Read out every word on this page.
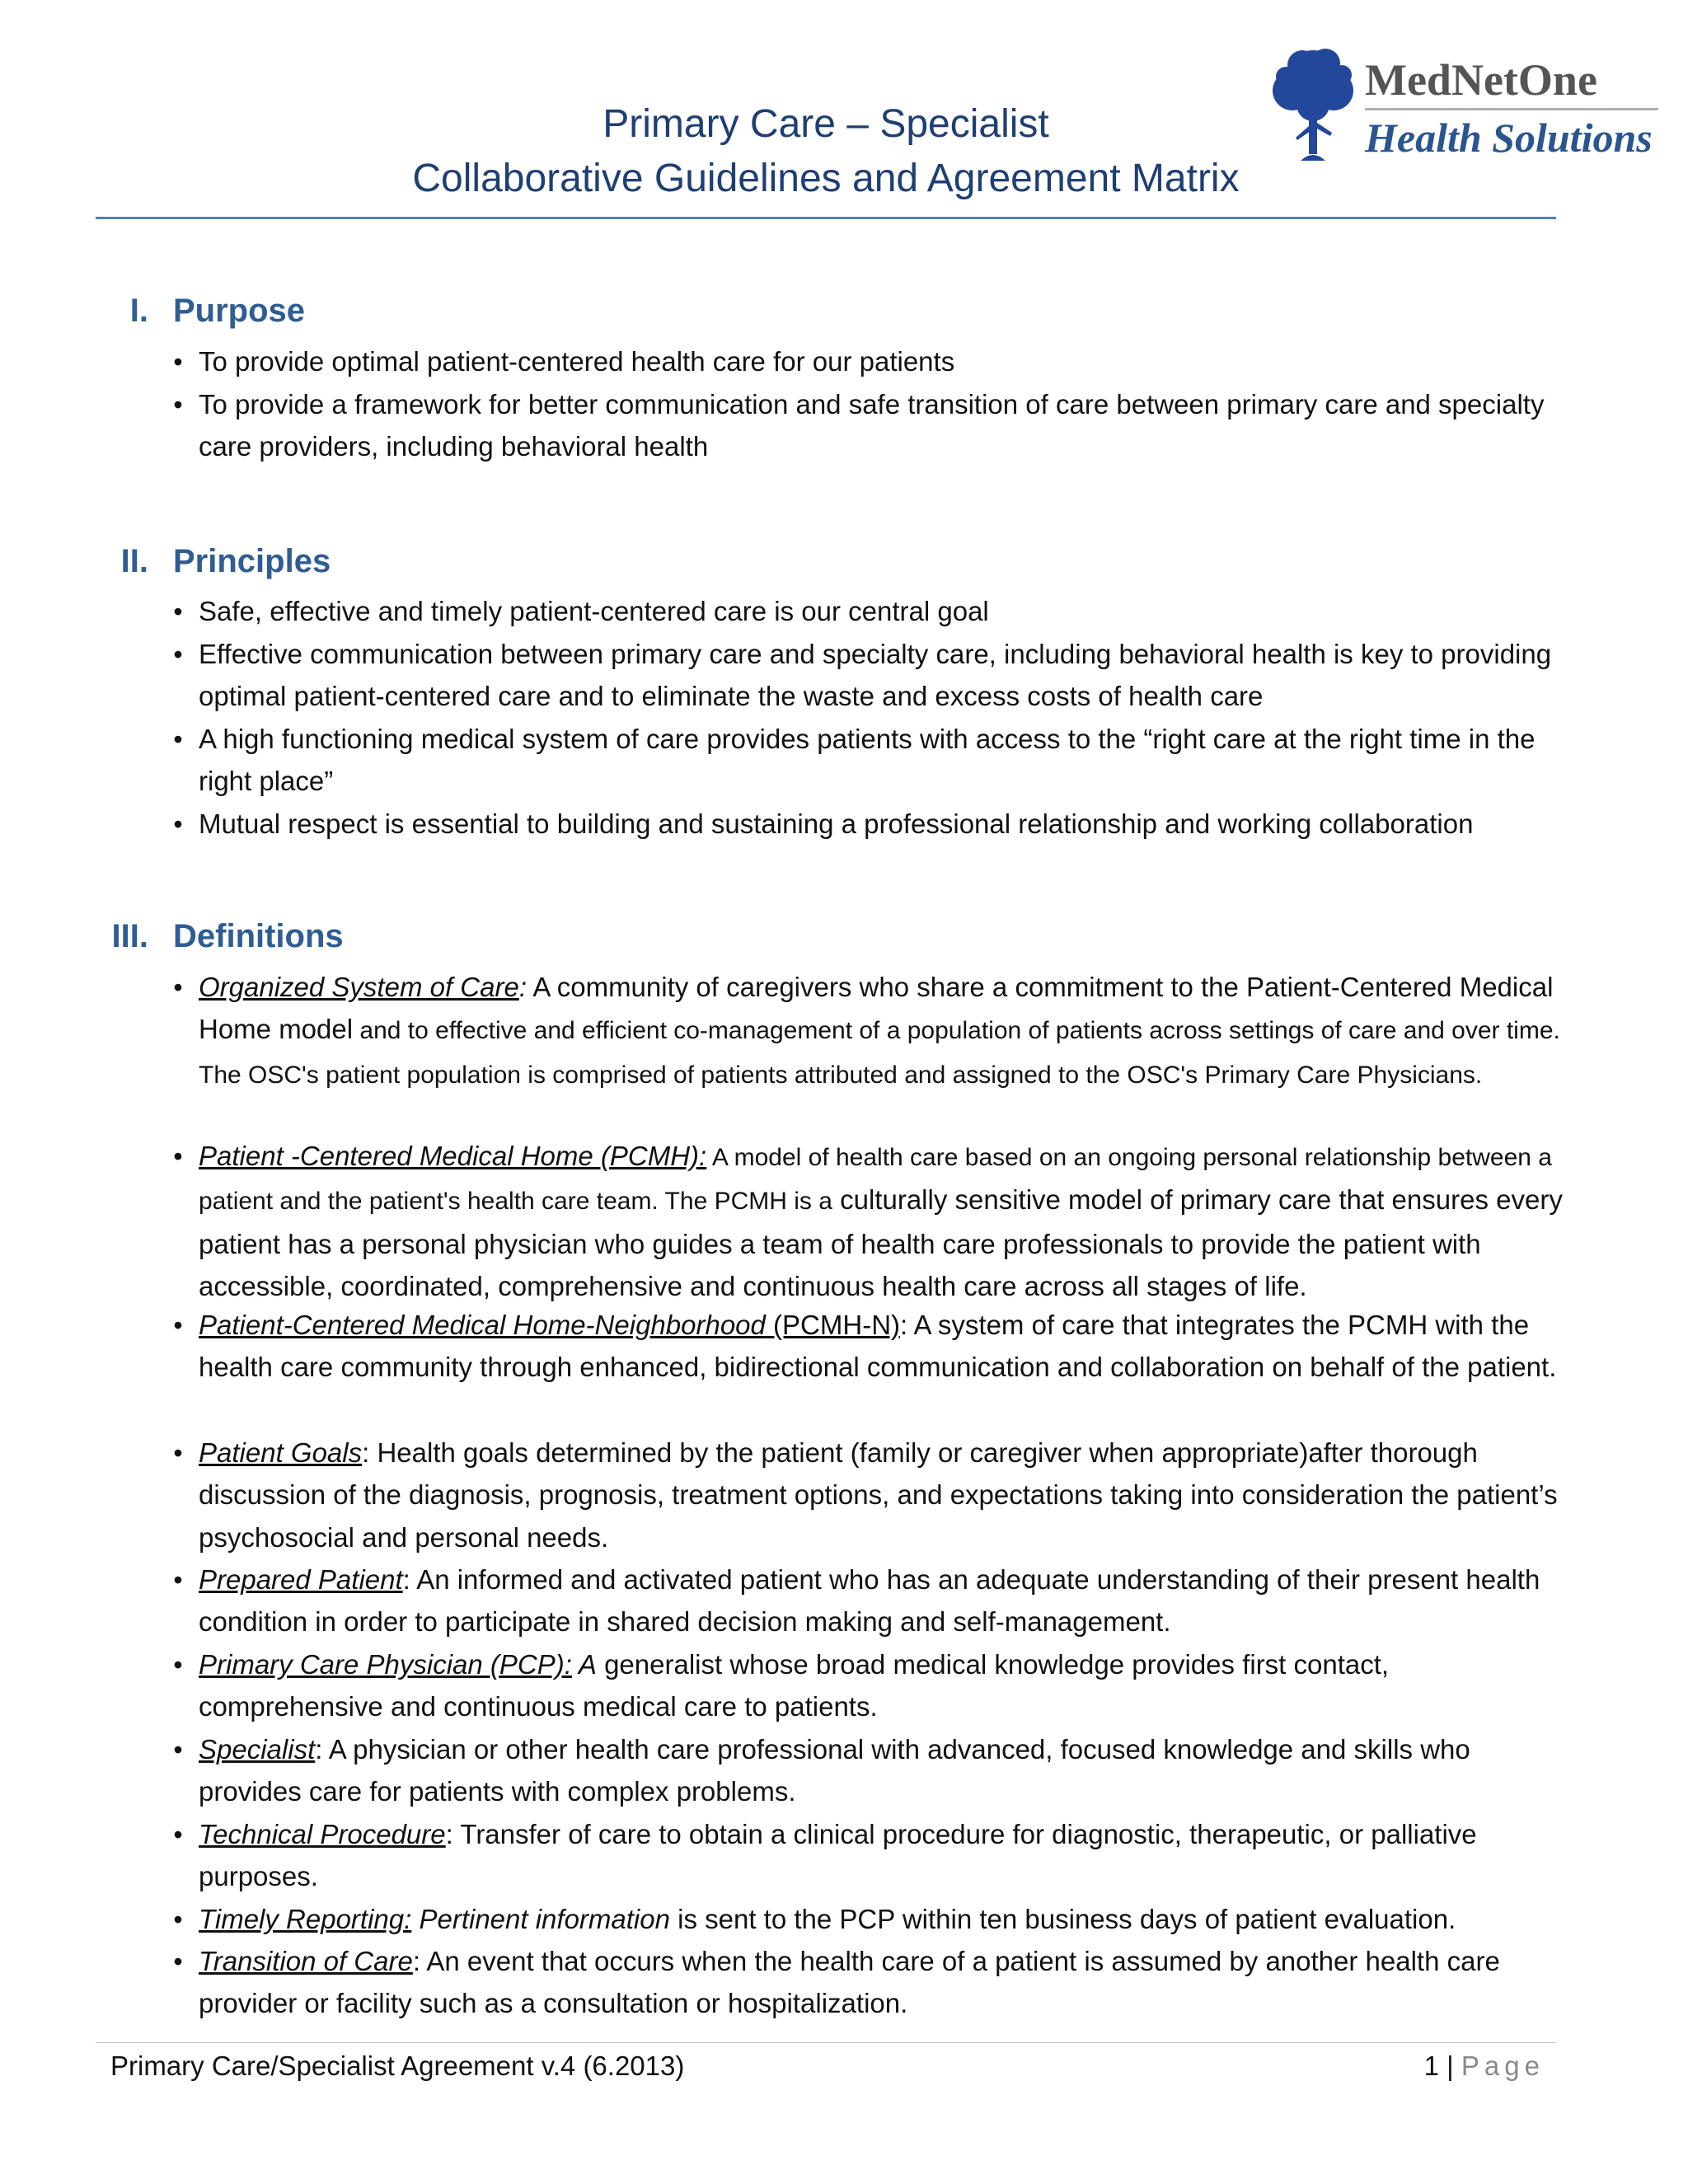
Primary Care – Specialist
Collaborative Guidelines and Agreement Matrix
MedNetOne
Health Solutions
I. Purpose
• To provide optimal patient-centered health care for our patients
• To provide a framework for better communication and safe transition of care between primary care and specialty care providers, including behavioral health
II. Principles
• Safe, effective and timely patient-centered care is our central goal
• Effective communication between primary care and specialty care, including behavioral health is key to providing optimal patient-centered care and to eliminate the waste and excess costs of health care
• A high functioning medical system of care provides patients with access to the “right care at the right time in the right place”
• Mutual respect is essential to building and sustaining a professional relationship and working collaboration
III. Definitions
• Organized System of Care: A community of caregivers who share a commitment to the Patient-Centered Medical Home model and to effective and efficient co-management of a population of patients across settings of care and over time. The OSC's patient population is comprised of patients attributed and assigned to the OSC's Primary Care Physicians.
• Patient -Centered Medical Home (PCMH): A model of health care based on an ongoing personal relationship between a patient and the patient's health care team. The PCMH is a culturally sensitive model of primary care that ensures every patient has a personal physician who guides a team of health care professionals to provide the patient with accessible, coordinated, comprehensive and continuous health care across all stages of life.
• Patient-Centered Medical Home-Neighborhood (PCMH-N): A system of care that integrates the PCMH with the health care community through enhanced, bidirectional communication and collaboration on behalf of the patient.
• Patient Goals: Health goals determined by the patient (family or caregiver when appropriate)after thorough discussion of the diagnosis, prognosis, treatment options, and expectations taking into consideration the patient’s psychosocial and personal needs.
• Prepared Patient: An informed and activated patient who has an adequate understanding of their present health condition in order to participate in shared decision making and self-management.
• Primary Care Physician (PCP): A generalist whose broad medical knowledge provides first contact, comprehensive and continuous medical care to patients.
• Specialist: A physician or other health care professional with advanced, focused knowledge and skills who provides care for patients with complex problems.
• Technical Procedure: Transfer of care to obtain a clinical procedure for diagnostic, therapeutic, or palliative purposes.
• Timely Reporting: Pertinent information is sent to the PCP within ten business days of patient evaluation.
• Transition of Care: An event that occurs when the health care of a patient is assumed by another health care provider or facility such as a consultation or hospitalization.
Primary Care/Specialist Agreement v.4 (6.2013)	1 | Page
